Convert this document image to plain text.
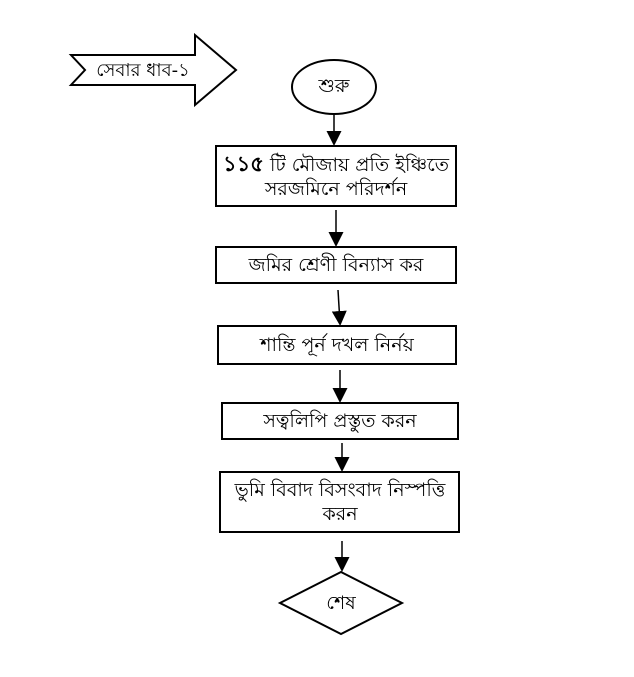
সেবার ধাব-১
শুরু
১১৫ টি মৌজায় প্রতি ইঞ্চিতে সরজমিনে পরিদর্শন
জমির শ্রেণী বিন্যাস কর
শান্তি পূর্ন দখল নির্নয়
সত্বলিপি প্রস্তুত করন
ভুমি বিবাদ বিসংবাদ নিস্পত্তি করন
শেষ
